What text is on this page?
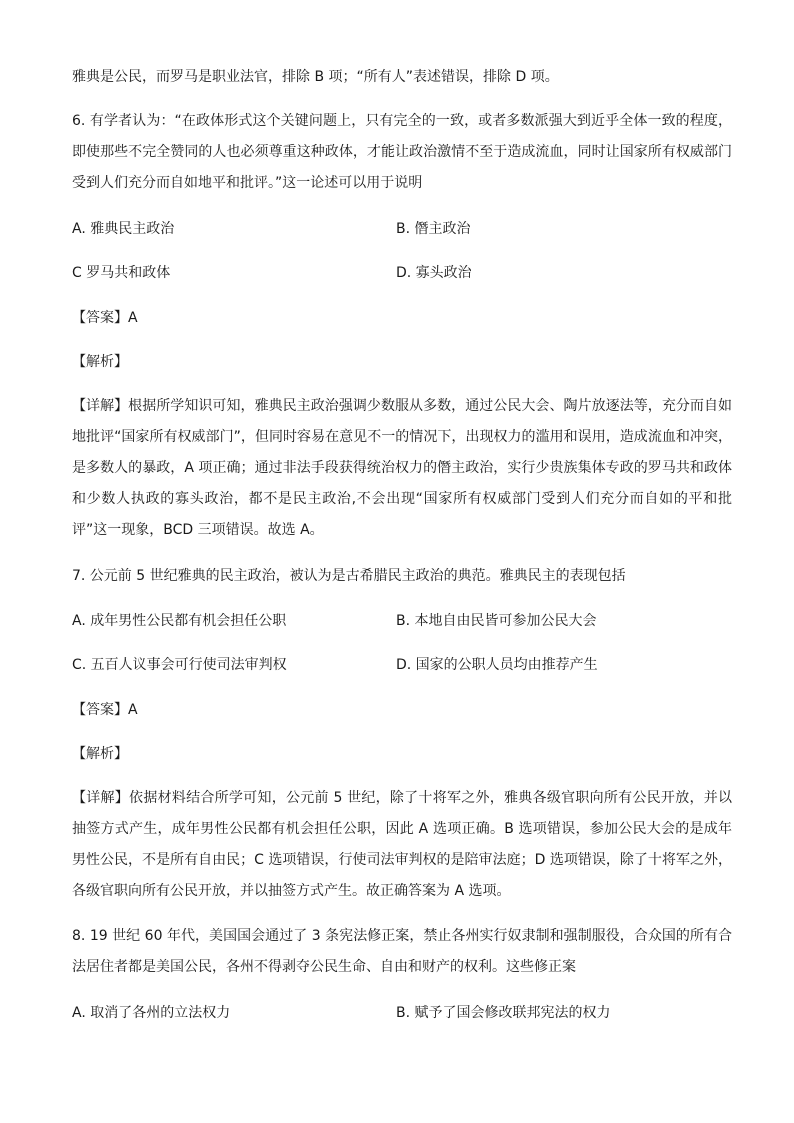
雅典是公民，而罗马是职业法官，排除 B 项；“所有人”表述错误，排除 D 项。
6. 有学者认为：“在政体形式这个关键问题上，只有完全的一致，或者多数派强大到近乎全体一致的程度，即使那些不完全赞同的人也必须尊重这种政体，才能让政治激情不至于造成流血，同时让国家所有权威部门受到人们充分而自如地平和批评。”这一论述可以用于说明
A. 雅典民主政治	B. 僭主政治
C 罗马共和政体	D. 寡头政治
【答案】A
【解析】
【详解】根据所学知识可知，雅典民主政治强调少数服从多数，通过公民大会、陶片放逐法等，充分而自如地批评“国家所有权威部门”，但同时容易在意见不一的情况下，出现权力的滥用和误用，造成流血和冲突，是多数人的暴政，A 项正确；通过非法手段获得统治权力的僭主政治，实行少贵族集体专政的罗马共和政体和少数人执政的寡头政治，都不是民主政治,不会出现“国家所有权威部门受到人们充分而自如的平和批评”这一现象，BCD 三项错误。故选 A。
7. 公元前 5 世纪雅典的民主政治，被认为是古希腊民主政治的典范。雅典民主的表现包括
A. 成年男性公民都有机会担任公职	B. 本地自由民皆可参加公民大会
C. 五百人议事会可行使司法审判权	D. 国家的公职人员均由推荐产生
【答案】A
【解析】
【详解】依据材料结合所学可知，公元前 5 世纪，除了十将军之外，雅典各级官职向所有公民开放，并以抽签方式产生，成年男性公民都有机会担任公职，因此 A 选项正确。B 选项错误，参加公民大会的是成年男性公民，不是所有自由民；C 选项错误，行使司法审判权的是陪审法庭；D 选项错误，除了十将军之外，各级官职向所有公民开放，并以抽签方式产生。故正确答案为 A 选项。
8. 19 世纪 60 年代，美国国会通过了 3 条宪法修正案，禁止各州实行奴隶制和强制服役，合众国的所有合法居住者都是美国公民，各州不得剥夺公民生命、自由和财产的权利。这些修正案
A. 取消了各州的立法权力	B. 赋予了国会修改联邦宪法的权力
